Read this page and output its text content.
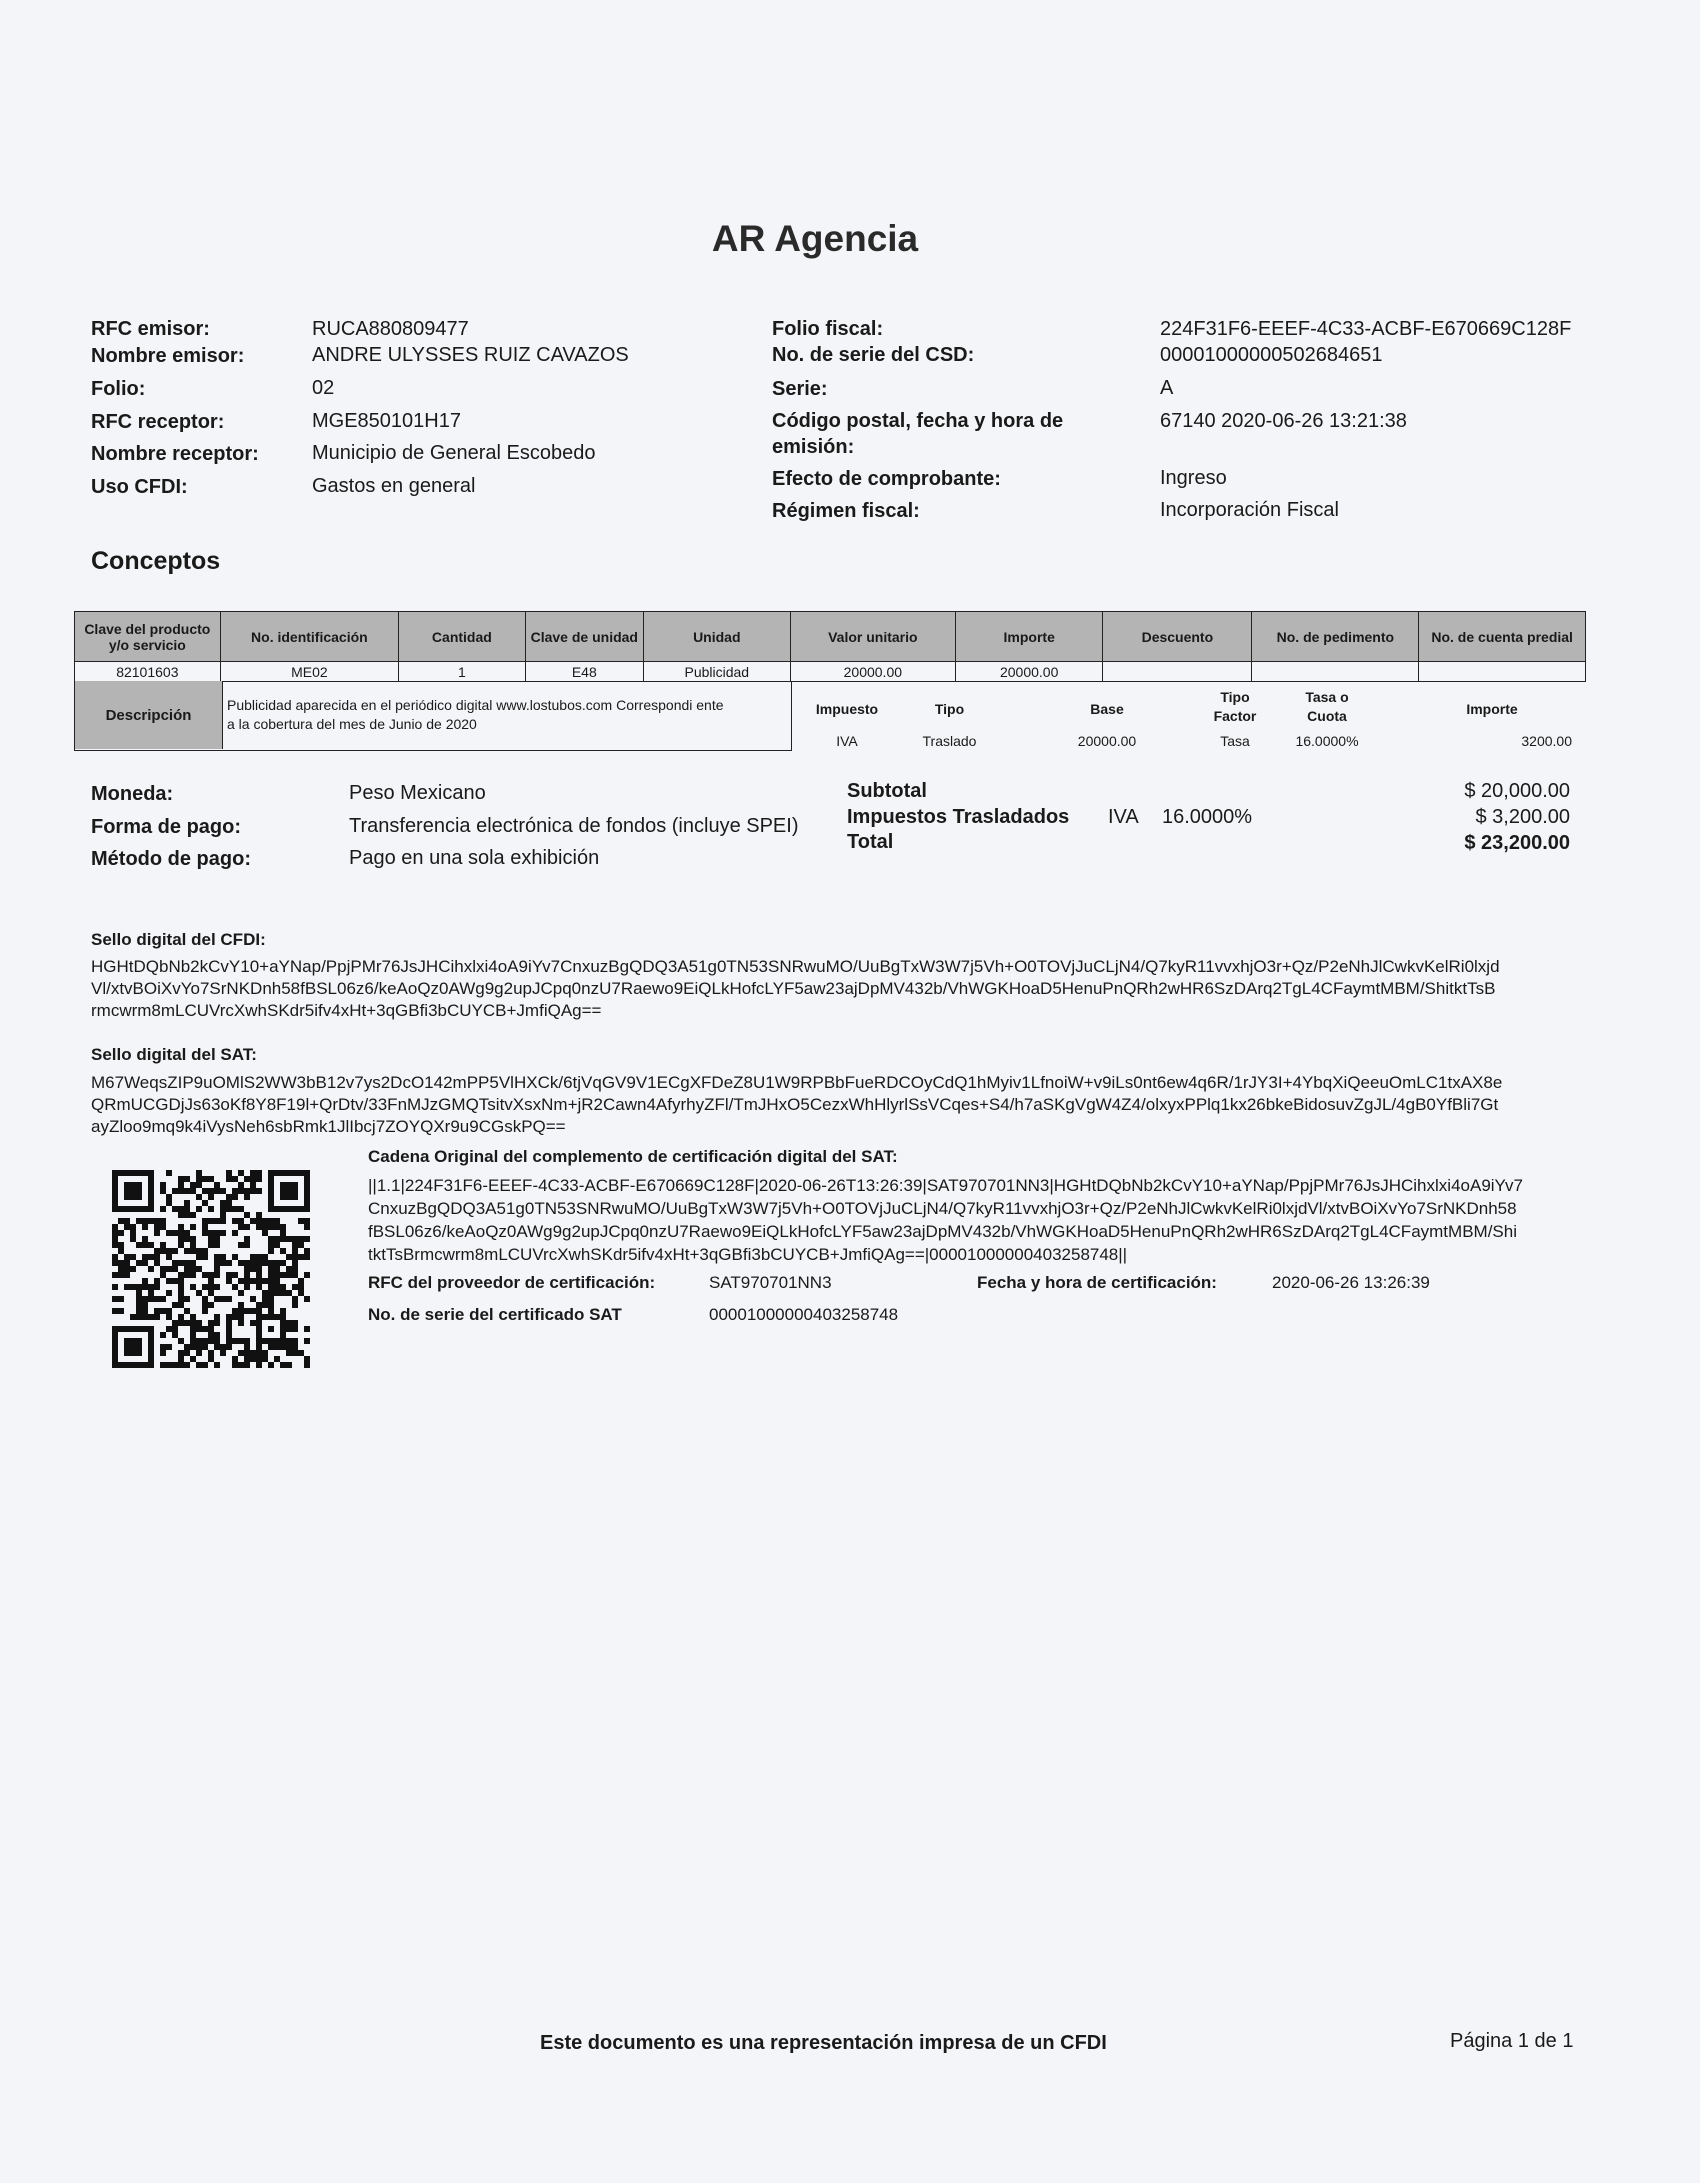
AR Agencia
RFC emisor:	RUCA880809477
Nombre emisor:	ANDRE ULYSSES RUIZ CAVAZOS
Folio:	02
RFC receptor:	MGE850101H17
Nombre receptor:	Municipio de General Escobedo
Uso CFDI:	Gastos en general
Folio fiscal:	224F31F6-EEEF-4C33-ACBF-E670669C128F
No. de serie del CSD:	00001000000502684651
Serie:	A
Código postal, fecha y hora de
emisión:
67140 2020-06-26 13:21:38
Efecto de comprobante:	Ingreso
Régimen fiscal:	Incorporación Fiscal
Conceptos
Clave del producto y/o servicio	No. identificación	Cantidad	Clave de unidad	Unidad	Valor unitario	Importe	Descuento	No. de pedimento	No. de cuenta predial
82101603	ME02	1	E48	Publicidad	20000.00	20000.00			
Descripción
Publicidad aparecida en el periódico digital www.lostubos.com Correspondi ente
a la cobertura del mes de Junio de 2020
Impuesto	Tipo	Base
Tipo
Factor
Tasa o
Cuota	Importe
IVA	Traslado	20000.00	Tasa	16.0000%	3200.00
Moneda:	Peso Mexicano
Forma de pago:	Transferencia electrónica de fondos (incluye SPEI)
Método de pago:	Pago en una sola exhibición
Subtotal	$ 20,000.00
Impuestos Trasladados IVA 16.0000%	$ 3,200.00
Total	$ 23,200.00
Sello digital del CFDI:
HGHtDQbNb2kCvY10+aYNap/PpjPMr76JsJHCihxlxi4oA9iYv7CnxuzBgQDQ3A51g0TN53SNRwuMO/UuBgTxW3W7j5Vh+O0TOVjJuCLjN4/Q7kyR11vvxhjO3r+Qz/P2eNhJlCwkvKelRi0lxjd
Vl/xtvBOiXvYo7SrNKDnh58fBSL06z6/keAoQz0AWg9g2upJCpq0nzU7Raewo9EiQLkHofcLYF5aw23ajDpMV432b/VhWGKHoaD5HenuPnQRh2wHR6SzDArq2TgL4CFaymtMBM/ShitktTsB
rmcwrm8mLCUVrcXwhSKdr5ifv4xHt+3qGBfi3bCUYCB+JmfiQAg==
Sello digital del SAT:
M67WeqsZIP9uOMlS2WW3bB12v7ys2DcO142mPP5VlHXCk/6tjVqGV9V1ECgXFDeZ8U1W9RPBbFueRDCOyCdQ1hMyiv1LfnoiW+v9iLs0nt6ew4q6R/1rJY3I+4YbqXiQeeuOmLC1txAX8e
QRmUCGDjJs63oKf8Y8F19l+QrDtv/33FnMJzGMQTsitvXsxNm+jR2Cawn4AfyrhyZFl/TmJHxO5CezxWhHlyrlSsVCqes+S4/h7aSKgVgW4Z4/olxyxPPlq1kx26bkeBidosuvZgJL/4gB0YfBli7Gt
ayZloo9mq9k4iVysNeh6sbRmk1JlIbcj7ZOYQXr9u9CGskPQ==
Cadena Original del complemento de certificación digital del SAT:
||1.1|224F31F6-EEEF-4C33-ACBF-E670669C128F|2020-06-26T13:26:39|SAT970701NN3|HGHtDQbNb2kCvY10+aYNap/PpjPMr76JsJHCihxlxi4oA9iYv7
CnxuzBgQDQ3A51g0TN53SNRwuMO/UuBgTxW3W7j5Vh+O0TOVjJuCLjN4/Q7kyR11vvxhjO3r+Qz/P2eNhJlCwkvKelRi0lxjdVl/xtvBOiXvYo7SrNKDnh58
fBSL06z6/keAoQz0AWg9g2upJCpq0nzU7Raewo9EiQLkHofcLYF5aw23ajDpMV432b/VhWGKHoaD5HenuPnQRh2wHR6SzDArq2TgL4CFaymtMBM/Shi
tktTsBrmcwrm8mLCUVrcXwhSKdr5ifv4xHt+3qGBfi3bCUYCB+JmfiQAg==|00001000000403258748||
RFC del proveedor de certificación:	SAT970701NN3	Fecha y hora de certificación:	2020-06-26 13:26:39
No. de serie del certificado SAT	00001000000403258748
Este documento es una representación impresa de un CFDI	Página 1 de 1
